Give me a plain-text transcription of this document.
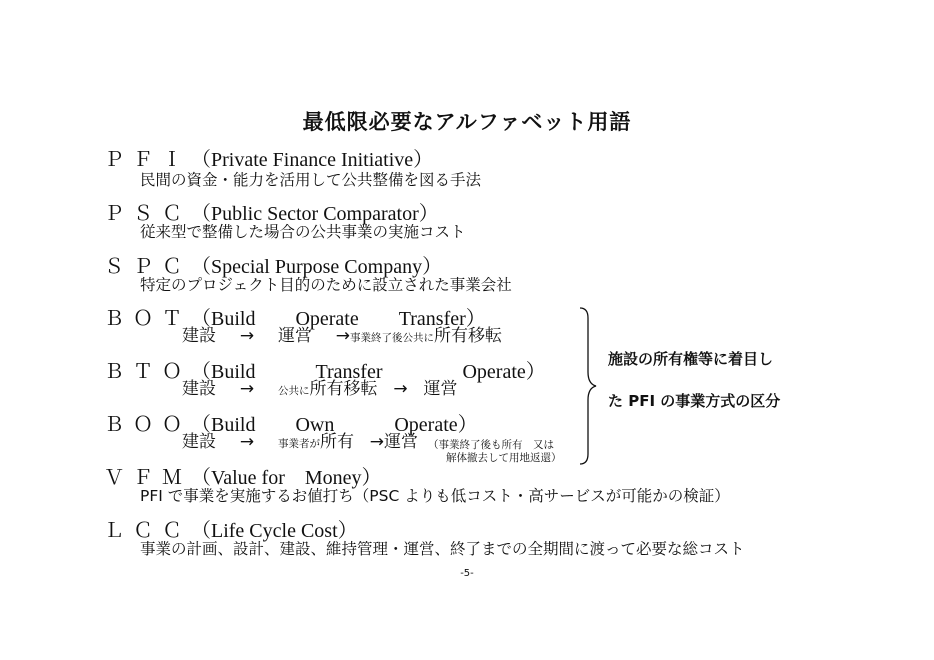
最低限必要なアルファベット用語
ＰＦＩ（Private Finance Initiative）
民間の資金・能力を活用して公共整備を図る手法
ＰＳＣ（Public Sector Comparator）
従来型で整備した場合の公共事業の実施コスト
ＳＰＣ（Special Purpose Company）
特定のプロジェクト目的のために設立された事業会社
ＢＯＴ（Build　　Operate　　Transfer）
建設 → 運営 →事業終了後公共に所有移転
ＢＴＯ（Build　　　Transfer　　　　Operate）
建設 → 公共に所有移転 → 運営
ＢＯＯ（Build　　Own　　　Operate）
建設 → 事業者が所有 →運営 （事業終了後も所有　又は
解体撤去して用地返還）
施設の所有権等に着目し
た PFI の事業方式の区分
ＶＦＭ（Value for　Money）
PFI で事業を実施するお値打ち（PSC よりも低コスト・高サービスが可能かの検証）
ＬＣＣ（Life Cycle Cost）
事業の計画、設計、建設、維持管理・運営、終了までの全期間に渡って必要な総コスト
-5-
